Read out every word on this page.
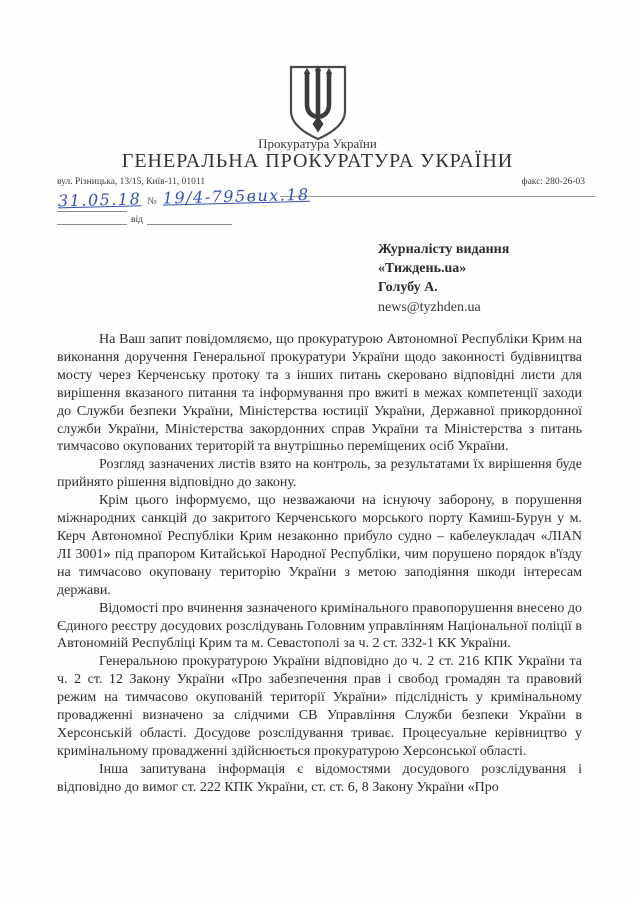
Прокуратура України
ГЕНЕРАЛЬНА ПРОКУРАТУРА УКРАЇНИ
вул. Різницька, 13/15, Київ-11, 01011	факс: 280-26-03
31.05.18 № 19/4-795вих.18
від
Журналісту видання
«Тиждень.ua»
Голубу А.
news@tyzhden.ua

На Ваш запит повідомляємо, що прокуратурою Автономної Республіки Крим на виконання доручення Генеральної прокуратури України щодо законності будівництва мосту через Керченську протоку та з інших питань скеровано відповідні листи для вирішення вказаного питання та інформування про вжиті в межах компетенції заходи до Служби безпеки України, Міністерства юстиції України, Державної прикордонної служби України, Міністерства закордонних справ України та Міністерства з питань тимчасово окупованих територій та внутрішньо переміщених осіб України.

Розгляд зазначених листів взято на контроль, за результатами їх вирішення буде прийнято рішення відповідно до закону.

Крім цього інформуємо, що незважаючи на існуючу заборону, в порушення міжнародних санкцій до закритого Керченського морського порту Камиш-Бурун у м. Керч Автономної Республіки Крим незаконно прибуло судно – кабелеукладач «ЛІAN ЛІ 3001» під прапором Китайської Народної Республіки, чим порушено порядок в'їзду на тимчасово окуповану територію України з метою заподіяння шкоди інтересам держави.

Відомості про вчинення зазначеного кримінального правопорушення внесено до Єдиного реєстру досудових розслідувань Головним управлінням Національної поліції в Автономній Республіці Крим та м. Севастополі за ч. 2 ст. 332-1 КК України.

Генеральною прокуратурою України відповідно до ч. 2 ст. 216 КПК України та ч. 2 ст. 12 Закону України «Про забезпечення прав і свобод громадян та правовий режим на тимчасово окупованій території України» підслідність у кримінальному провадженні визначено за слідчими СВ Управління Служби безпеки України в Херсонській області. Досудове розслідування триває. Процесуальне керівництво у кримінальному провадженні здійснюється прокуратурою Херсонської області.

Інша запитувана інформація є відомостями досудового розслідування і відповідно до вимог ст. 222 КПК України, ст. ст. 6, 8 Закону України «Про
